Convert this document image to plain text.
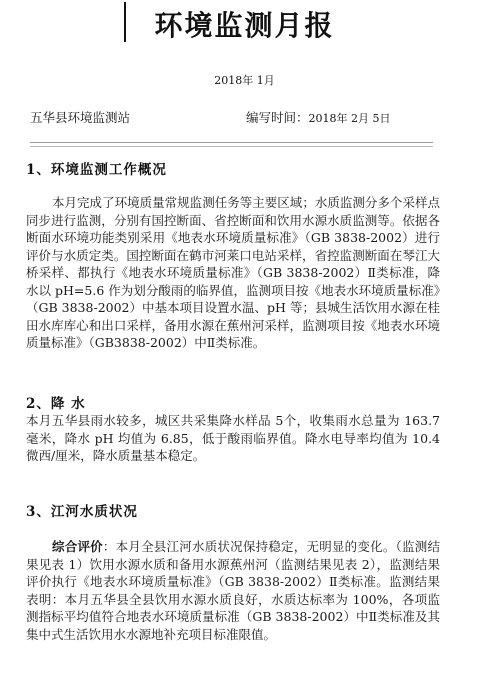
环境监测月报
2018年 1月
五华县环境监测站	编写时间：2018年 2月 5日
1、环境监测工作概况

本月完成了环境质量常规监测任务等主要区域；水质监测分多个采样点同步进行监测，分别有国控断面、省控断面和饮用水源水质监测等。依据各断面水环境功能类别采用《地表水环境质量标准》（GB 3838-2002）进行评价与水质定类。国控断面在鹤市河莱口电站采样，省控监测断面在琴江大桥采样、都执行《地表水环境质量标准》（GB 3838-2002）Ⅱ类标准，降水以 pH=5.6 作为划分酸雨的临界值，监测项目按《地表水环境质量标准》（GB 3838-2002）中基本项目设置水温、pH 等；县城生活饮用水源在桂田水库库心和出口采样，备用水源在蕉州河采样，监测项目按《地表水环境质量标准》（GB3838-2002）中Ⅱ类标准。

2、降 水

本月五华县雨水较多，城区共采集降水样品 5个，收集雨水总量为 163.7毫米，降水 pH 均值为 6.85，低于酸雨临界值。降水电导率均值为 10.4微西/厘米，降水质量基本稳定。

3、江河水质状况

综合评价：本月全县江河水质状况保持稳定，无明显的变化。（监测结果见表 1）饮用水源水质和备用水源蕉州河（监测结果见表 2），监测结果评价执行《地表水环境质量标准》（GB 3838-2002）Ⅱ类标准。监测结果表明：本月五华县全县饮用水源水质良好，水质达标率为 100%，各项监测指标平均值符合地表水环境质量标准（GB 3838-2002）中Ⅱ类标准及其集中式生活饮用水水源地补充项目标准限值。
